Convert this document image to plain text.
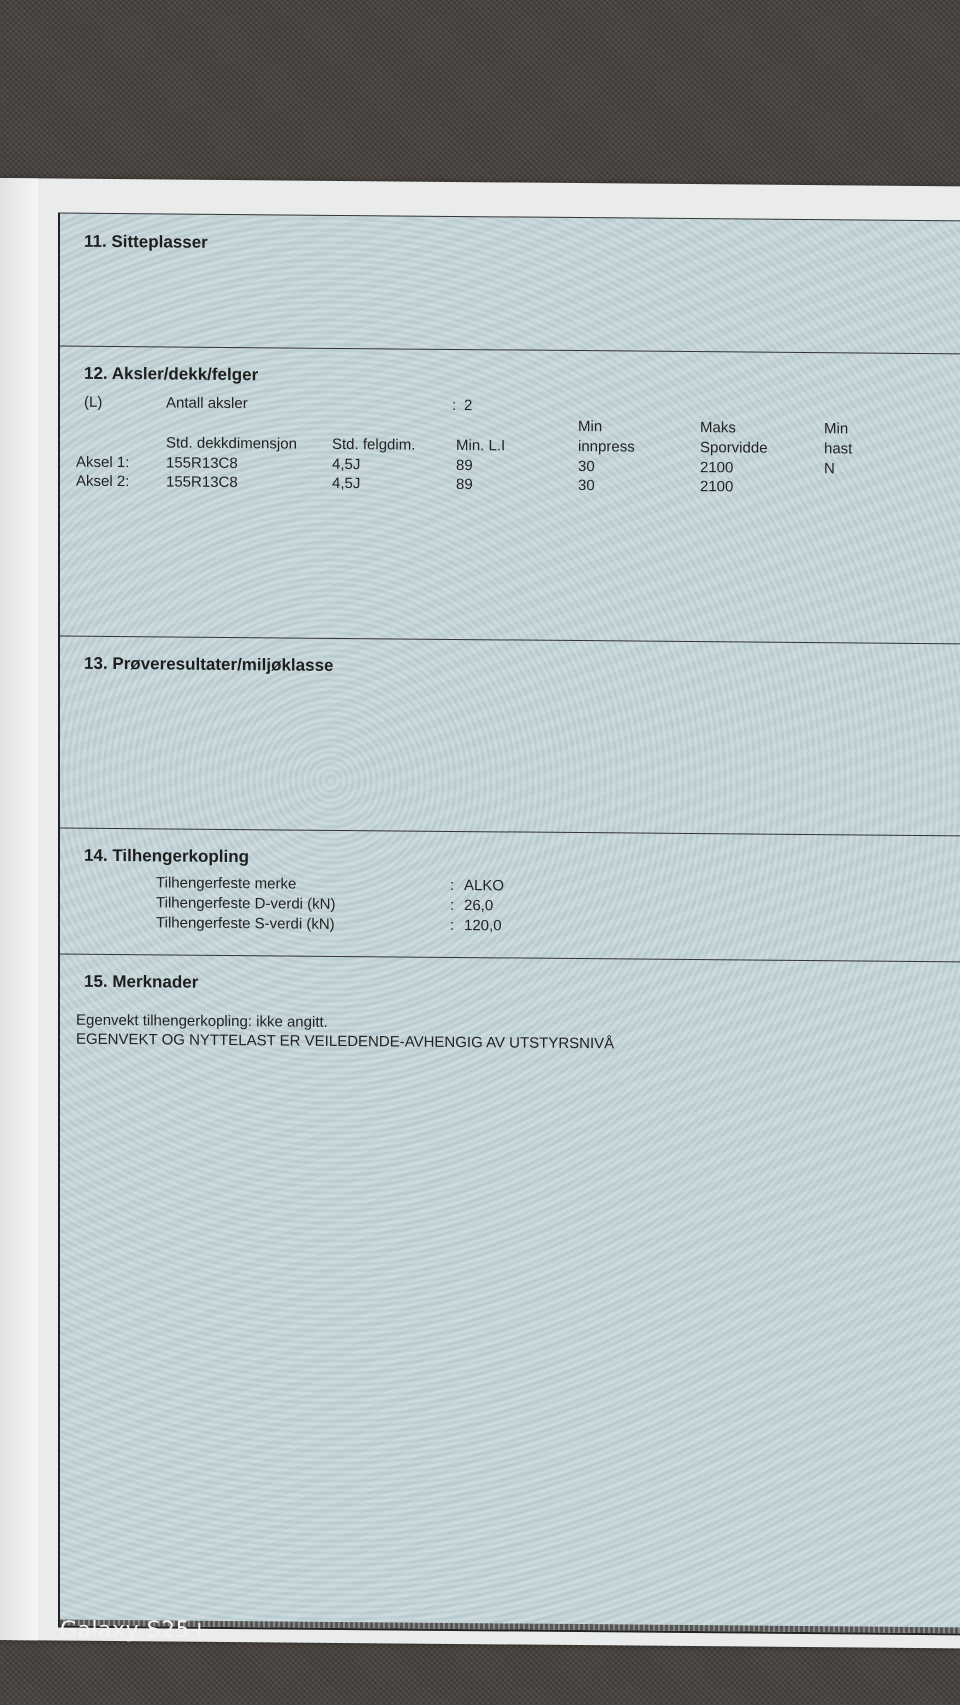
11. Sitteplasser
12. Aksler/dekk/felger
(L)	Antall aksler	: 2
Min	Maks	Min
Std. dekkdimensjon Std. felgdim.	Min. L.I	innpress	Sporvidde	hast
Aksel 1: 155R13C8	4,5J	89	30	2100	N
Aksel 2: 155R13C8	4,5J	89	30	2100
13. Prøveresultater/miljøklasse
14. Tilhengerkopling
Tilhengerfeste merke	: ALKO
Tilhengerfeste D-verdi (kN)	: 26,0
Tilhengerfeste S-verdi (kN)	: 120,0
15. Merknader
Egenvekt tilhengerkopling: ikke angitt.
EGENVEKT OG NYTTELAST ER VEILEDENDE-AVHENGIG AV UTSTYRSNIVÅ
Galaxy S25+
